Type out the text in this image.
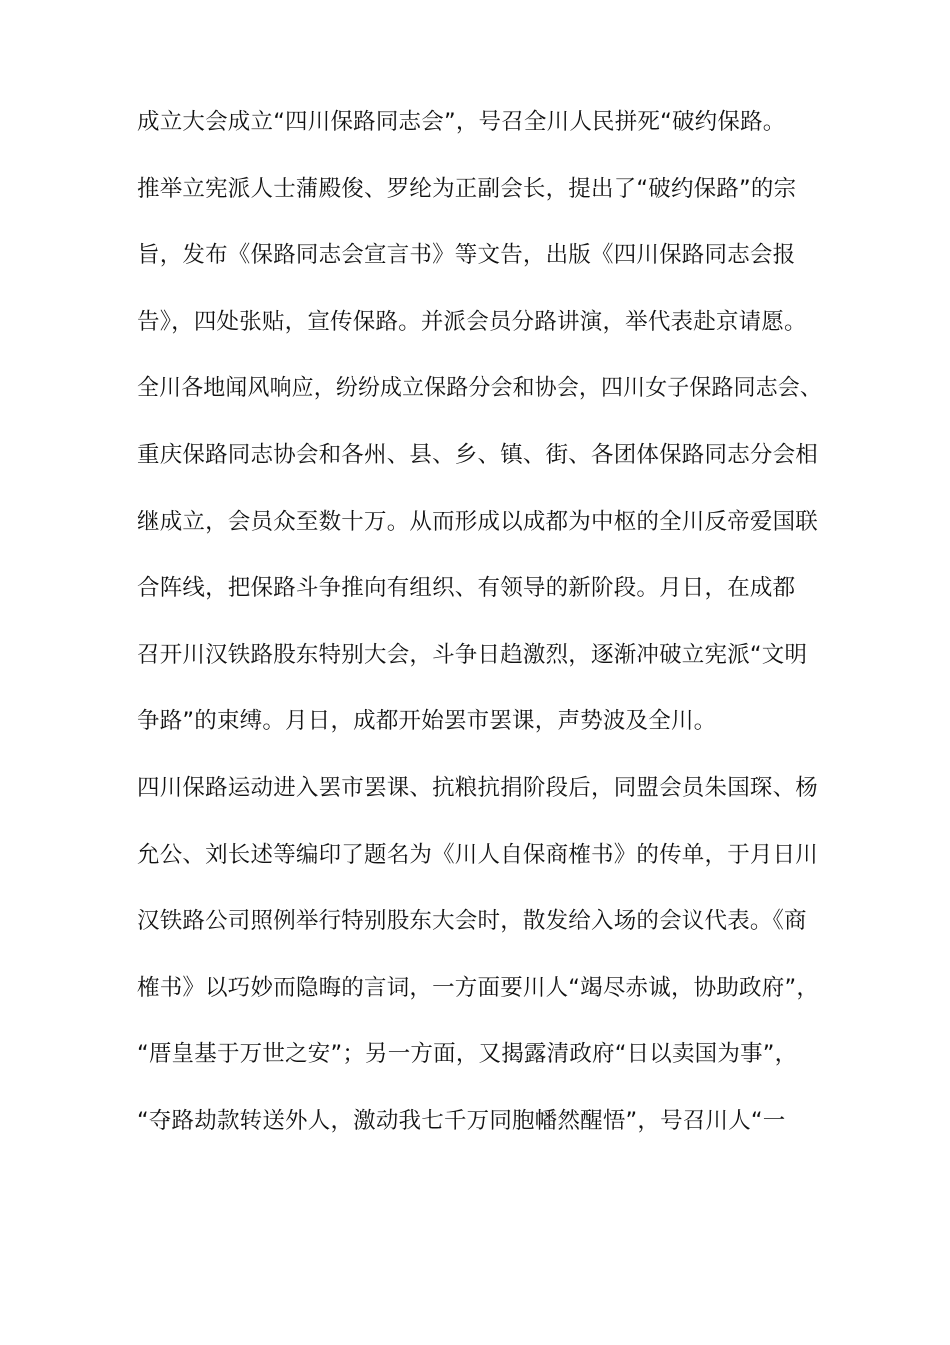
成立大会成立“四川保路同志会”，号召全川人民拼死“破约保路。
推举立宪派人士蒲殿俊、罗纶为正副会长，提出了“破约保路”的宗
旨，发布《保路同志会宣言书》等文告，出版《四川保路同志会报
告》，四处张贴，宣传保路。并派会员分路讲演，举代表赴京请愿。
全川各地闻风响应，纷纷成立保路分会和协会，四川女子保路同志会、
重庆保路同志协会和各州、县、乡、镇、街、各团体保路同志分会相
继成立，会员众至数十万。从而形成以成都为中枢的全川反帝爱国联
合阵线，把保路斗争推向有组织、有领导的新阶段。月日，在成都
召开川汉铁路股东特别大会，斗争日趋激烈，逐渐冲破立宪派“文明
争路”的束缚。月日，成都开始罢市罢课，声势波及全川。
四川保路运动进入罢市罢课、抗粮抗捐阶段后，同盟会员朱国琛、杨
允公、刘长述等编印了题名为《川人自保商榷书》的传单，于月日川
汉铁路公司照例举行特别股东大会时，散发给入场的会议代表。《商
榷书》以巧妙而隐晦的言词，一方面要川人“竭尽赤诚，协助政府”，
“厝皇基于万世之安”；另一方面，又揭露清政府“日以卖国为事”，
“夺路劫款转送外人，激动我七千万同胞幡然醒悟”，号召川人“一
